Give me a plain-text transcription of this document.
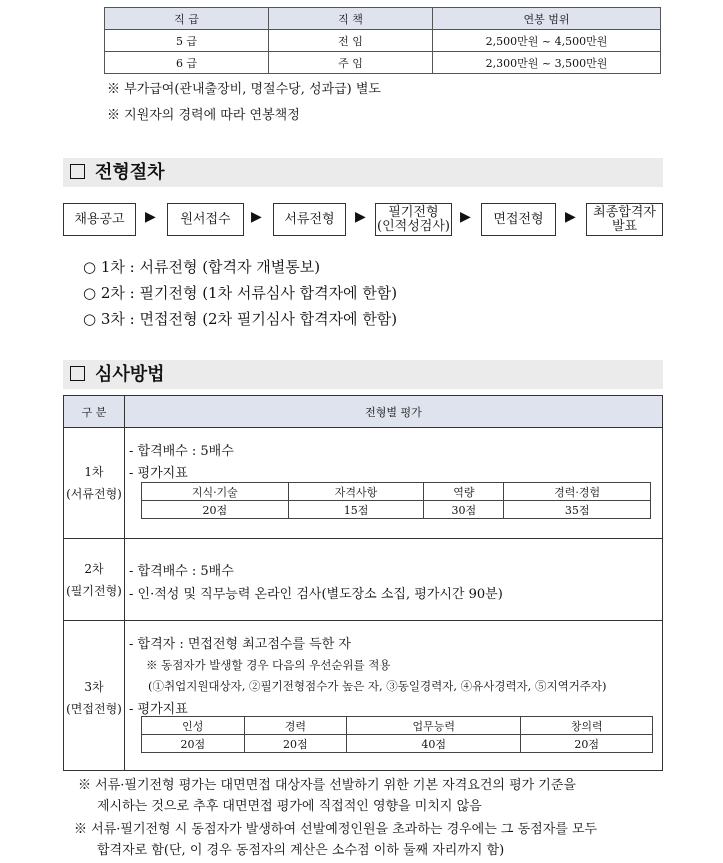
직 급	직 책	연봉 범위
5 급	전 임	2,500만원 ~ 4,500만원
6 급	주 임	2,300만원 ~ 3,500만원
※ 부가급여(관내출장비, 명절수당, 성과급) 별도
※ 지원자의 경력에 따라 연봉책정
전형절차
채용공고 ▶ 원서접수 ▶ 서류전형 ▶ 필기전형
(인적성검사)
▶ 면접전형 ▶ 최종합격자
발표
○ 1차 : 서류전형 (합격자 개별통보)
○ 2차 : 필기전형 (1차 서류심사 합격자에 한함)
○ 3차 : 면접전형 (2차 필기심사 합격자에 한함)
심사방법
구 분	전형별 평가
1차
(서류전형)
- 합격배수 : 5배수
- 평가지표
지식·기술	자격사항	역량	경력·경험
20점	15점	30점	35점
2차
(필기전형)
- 합격배수 : 5배수
- 인·적성 및 직무능력 온라인 검사(별도장소 소집, 평가시간 90분)
3차
(면접전형)
- 합격자 : 면접전형 최고점수를 득한 자
※ 동점자가 발생할 경우 다음의 우선순위를 적용
(①취업지원대상자, ②필기전형점수가 높은 자, ③동일경력자, ④유사경력자, ⑤지역거주자)
- 평가지표
인성	경력	업무능력	창의력
20점	20점	40점	20점
※ 서류·필기전형 평가는 대면면접 대상자를 선발하기 위한 기본 자격요건의 평가 기준을
제시하는 것으로 추후 대면면접 평가에 직접적인 영향을 미치지 않음
※ 서류·필기전형 시 동점자가 발생하여 선발예정인원을 초과하는 경우에는 그 동점자를 모두
합격자로 함(단, 이 경우 동점자의 계산은 소수점 이하 둘째 자리까지 함)
